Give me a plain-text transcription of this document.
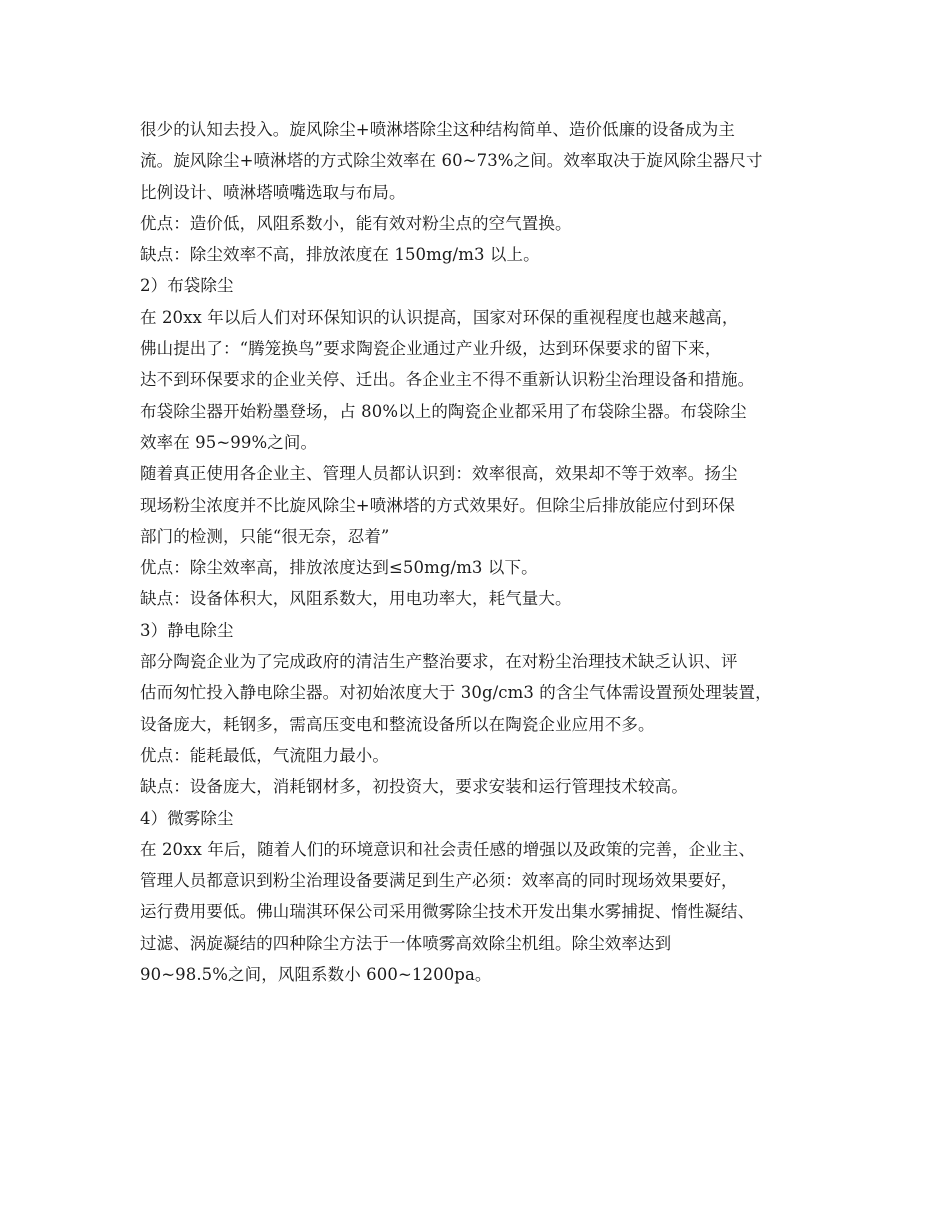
很少的认知去投入。旋风除尘+喷淋塔除尘这种结构简单、造价低廉的设备成为主
流。旋风除尘+喷淋塔的方式除尘效率在 60~73%之间。效率取决于旋风除尘器尺寸
比例设计、喷淋塔喷嘴选取与布局。
优点：造价低，风阻系数小，能有效对粉尘点的空气置换。
缺点：除尘效率不高，排放浓度在 150mg/m3 以上。
2）布袋除尘
在 20xx 年以后人们对环保知识的认识提高，国家对环保的重视程度也越来越高，
佛山提出了：“腾笼换鸟”要求陶瓷企业通过产业升级，达到环保要求的留下来，
达不到环保要求的企业关停、迁出。各企业主不得不重新认识粉尘治理设备和措施。
布袋除尘器开始粉墨登场，占 80%以上的陶瓷企业都采用了布袋除尘器。布袋除尘
效率在 95~99%之间。
随着真正使用各企业主、管理人员都认识到：效率很高，效果却不等于效率。扬尘
现场粉尘浓度并不比旋风除尘+喷淋塔的方式效果好。但除尘后排放能应付到环保
部门的检测，只能“很无奈，忍着”
优点：除尘效率高，排放浓度达到≤50mg/m3 以下。
缺点：设备体积大，风阻系数大，用电功率大，耗气量大。
3）静电除尘
部分陶瓷企业为了完成政府的清洁生产整治要求，在对粉尘治理技术缺乏认识、评
估而匆忙投入静电除尘器。对初始浓度大于 30g/cm3 的含尘气体需设置预处理装置，
设备庞大，耗钢多，需高压变电和整流设备所以在陶瓷企业应用不多。
优点：能耗最低，气流阻力最小。
缺点：设备庞大，消耗钢材多，初投资大，要求安装和运行管理技术较高。
4）微雾除尘
在 20xx 年后，随着人们的环境意识和社会责任感的增强以及政策的完善，企业主、
管理人员都意识到粉尘治理设备要满足到生产必须：效率高的同时现场效果要好，
运行费用要低。佛山瑞淇环保公司采用微雾除尘技术开发出集水雾捕捉、惰性凝结、
过滤、涡旋凝结的四种除尘方法于一体喷雾高效除尘机组。除尘效率达到
90~98.5%之间，风阻系数小 600~1200pa。
